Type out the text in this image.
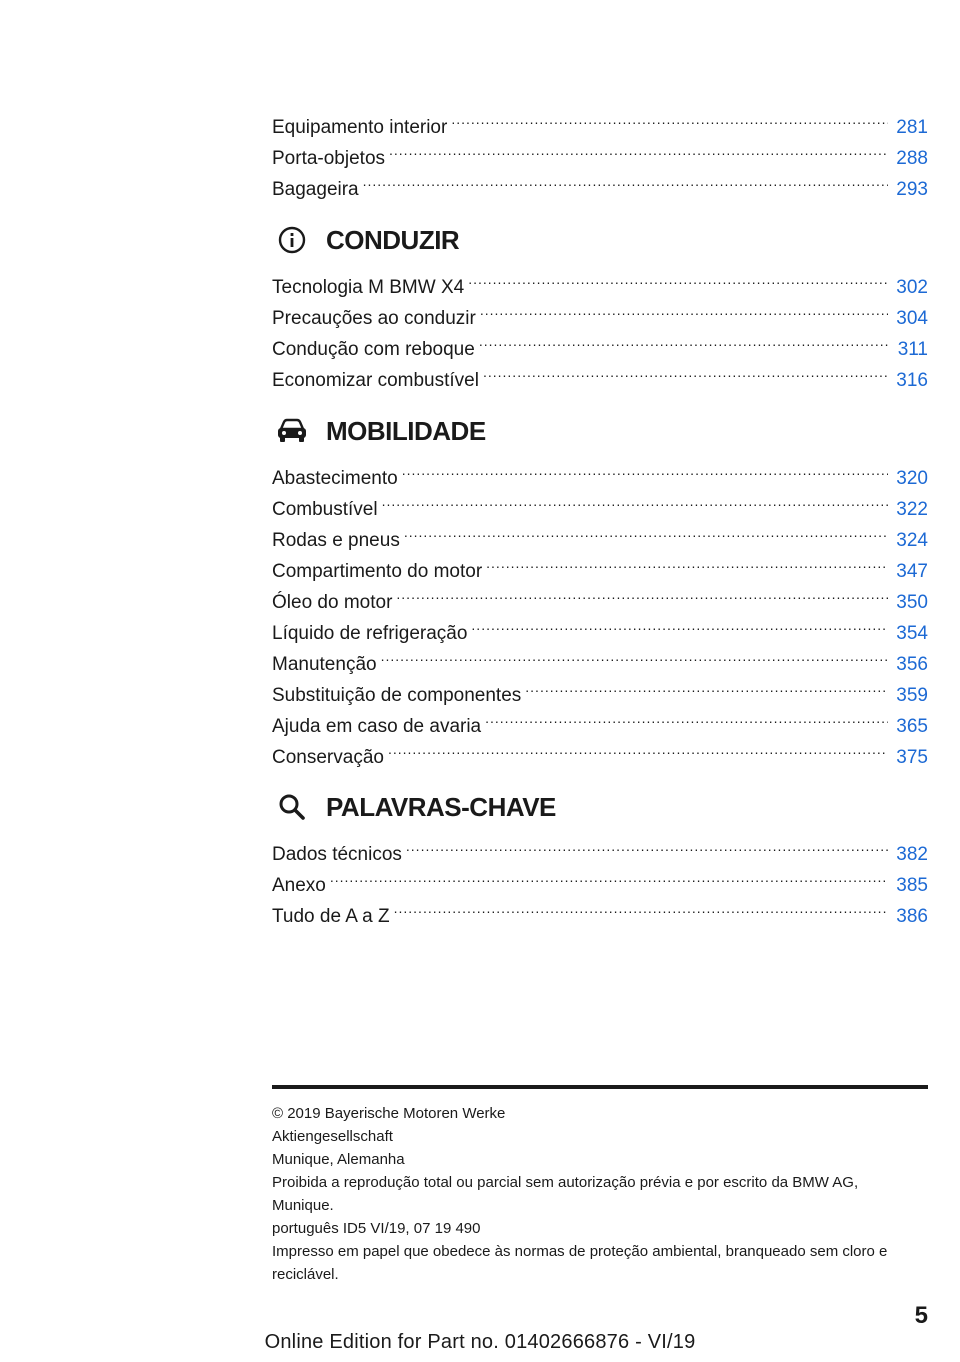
Equipamento interior .....	281
Porta-objetos .....	288
Bagageira .....	293
CONDUZIR
Tecnologia M BMW X4 .....	302
Precauções ao conduzir .....	304
Condução com reboque .....	311
Economizar combustível .....	316
MOBILIDADE
Abastecimento .....	320
Combustível .....	322
Rodas e pneus .....	324
Compartimento do motor .....	347
Óleo do motor .....	350
Líquido de refrigeração .....	354
Manutenção .....	356
Substituição de componentes .....	359
Ajuda em caso de avaria .....	365
Conservação .....	375
PALAVRAS-CHAVE
Dados técnicos .....	382
Anexo .....	385
Tudo de A a Z .....	386
© 2019 Bayerische Motoren Werke
Aktiengesellschaft
Munique, Alemanha
Proibida a reprodução total ou parcial sem autorização prévia e por escrito da BMW AG,
Munique.
português ID5 VI/19, 07 19 490
Impresso em papel que obedece às normas de proteção ambiental, branqueado sem cloro e
reciclável.
5
Online Edition for Part no. 01402666876 - VI/19
